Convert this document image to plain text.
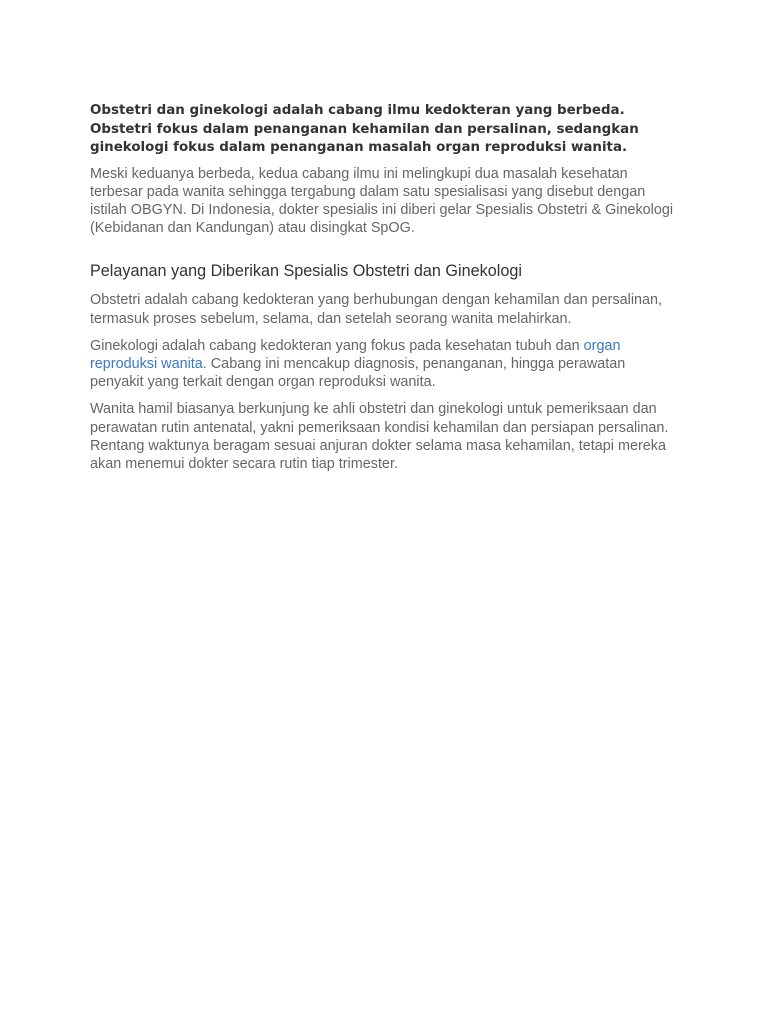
Obstetri dan ginekologi adalah cabang ilmu kedokteran yang berbeda. Obstetri fokus dalam penanganan kehamilan dan persalinan, sedangkan ginekologi fokus dalam penanganan masalah organ reproduksi wanita.

Meski keduanya berbeda, kedua cabang ilmu ini melingkupi dua masalah kesehatan terbesar pada wanita sehingga tergabung dalam satu spesialisasi yang disebut dengan istilah OBGYN. Di Indonesia, dokter spesialis ini diberi gelar Spesialis Obstetri & Ginekologi (Kebidanan dan Kandungan) atau disingkat SpOG.

Pelayanan yang Diberikan Spesialis Obstetri dan Ginekologi

Obstetri adalah cabang kedokteran yang berhubungan dengan kehamilan dan persalinan, termasuk proses sebelum, selama, dan setelah seorang wanita melahirkan.

Ginekologi adalah cabang kedokteran yang fokus pada kesehatan tubuh dan organ reproduksi wanita. Cabang ini mencakup diagnosis, penanganan, hingga perawatan penyakit yang terkait dengan organ reproduksi wanita.

Wanita hamil biasanya berkunjung ke ahli obstetri dan ginekologi untuk pemeriksaan dan perawatan rutin antenatal, yakni pemeriksaan kondisi kehamilan dan persiapan persalinan. Rentang waktunya beragam sesuai anjuran dokter selama masa kehamilan, tetapi mereka akan menemui dokter secara rutin tiap trimester.
